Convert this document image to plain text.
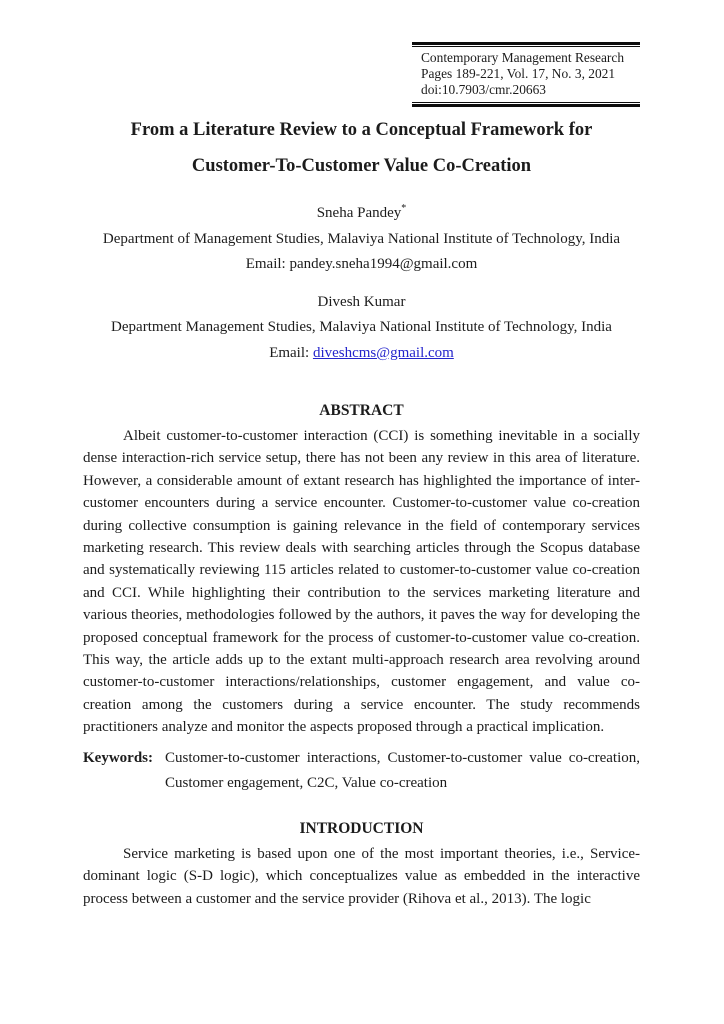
Contemporary Management Research
Pages 189-221, Vol. 17, No. 3, 2021
doi:10.7903/cmr.20663
From a Literature Review to a Conceptual Framework for
Customer-To-Customer Value Co-Creation
Sneha Pandey*
Department of Management Studies, Malaviya National Institute of Technology, India
Email: pandey.sneha1994@gmail.com
Divesh Kumar
Department Management Studies, Malaviya National Institute of Technology, India
Email: diveshcms@gmail.com
ABSTRACT

Albeit customer-to-customer interaction (CCI) is something inevitable in a socially dense interaction-rich service setup, there has not been any review in this area of literature. However, a considerable amount of extant research has highlighted the importance of inter-customer encounters during a service encounter. Customer-to-customer value co-creation during collective consumption is gaining relevance in the field of contemporary services marketing research. This review deals with searching articles through the Scopus database and systematically reviewing 115 articles related to customer-to-customer value co-creation and CCI. While highlighting their contribution to the services marketing literature and various theories, methodologies followed by the authors, it paves the way for developing the proposed conceptual framework for the process of customer-to-customer value co-creation. This way, the article adds up to the extant multi-approach research area revolving around customer-to-customer interactions/relationships, customer engagement, and value co-creation among the customers during a service encounter. The study recommends practitioners analyze and monitor the aspects proposed through a practical implication.

Keywords: Customer-to-customer interactions, Customer-to-customer value co-creation, Customer engagement, C2C, Value co-creation

INTRODUCTION

Service marketing is based upon one of the most important theories, i.e., Service-dominant logic (S-D logic), which conceptualizes value as embedded in the interactive process between a customer and the service provider (Rihova et al., 2013). The logic
